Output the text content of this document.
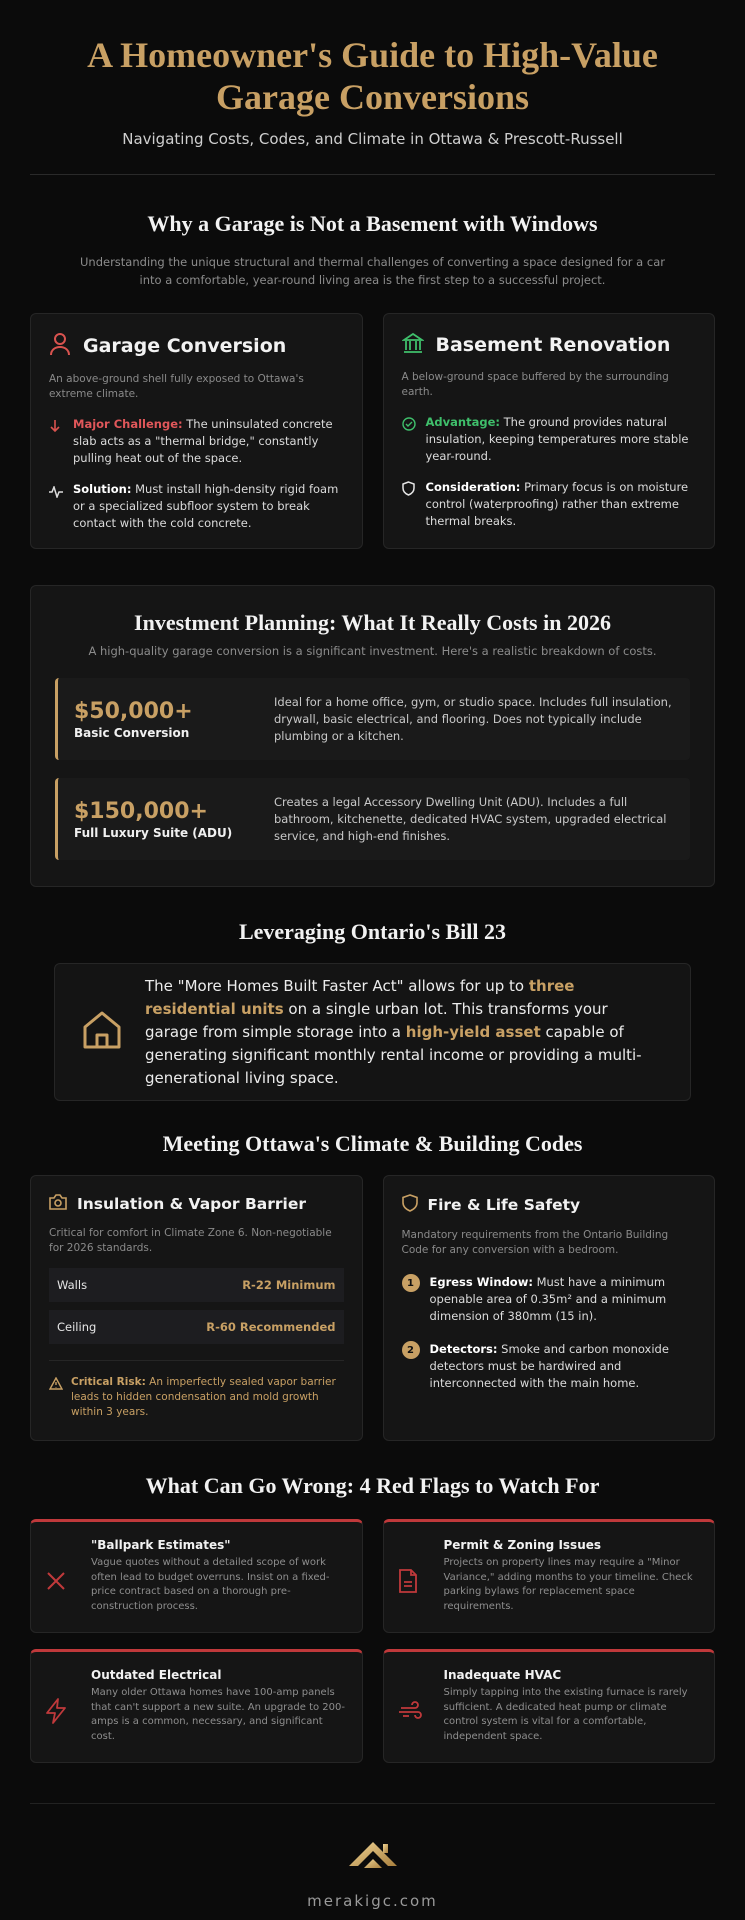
A Homeowner's Guide to High-Value Garage Conversions

Navigating Costs, Codes, and Climate in Ottawa & Prescott-Russell

Why a Garage is Not a Basement with Windows

Understanding the unique structural and thermal challenges of converting a space designed for a car into a comfortable, year-round living area is the first step to a successful project.

Garage Conversion

An above-ground shell fully exposed to Ottawa's extreme climate.

Major Challenge: The uninsulated concrete slab acts as a "thermal bridge," constantly pulling heat out of the space.

Solution: Must install high-density rigid foam or a specialized subfloor system to break contact with the cold concrete.

Basement Renovation

A below-ground space buffered by the surrounding earth.

Advantage: The ground provides natural insulation, keeping temperatures more stable year-round.

Consideration: Primary focus is on moisture control (waterproofing) rather than extreme thermal breaks.

Investment Planning: What It Really Costs in 2026

A high-quality garage conversion is a significant investment. Here's a realistic breakdown of costs.

$50,000+
Basic Conversion

Ideal for a home office, gym, or studio space. Includes full insulation, drywall, basic electrical, and flooring. Does not typically include plumbing or a kitchen.

$150,000+
Full Luxury Suite (ADU)

Creates a legal Accessory Dwelling Unit (ADU). Includes a full bathroom, kitchenette, dedicated HVAC system, upgraded electrical service, and high-end finishes.

Leveraging Ontario's Bill 23

The "More Homes Built Faster Act" allows for up to three residential units on a single urban lot. This transforms your garage from simple storage into a high-yield asset capable of generating significant monthly rental income or providing a multi-generational living space.

Meeting Ottawa's Climate & Building Codes
Insulation & Vapor Barrier

Critical for comfort in Climate Zone 6. Non-negotiable for 2026 standards.

Walls	R-22 Minimum
Ceiling	R-60 Recommended

Critical Risk: An imperfectly sealed vapor barrier leads to hidden condensation and mold growth within 3 years.

Fire & Life Safety

Mandatory requirements from the Ontario Building Code for any conversion with a bedroom.

1	Egress Window: Must have a minimum openable area of 0.35m² and a minimum dimension of 380mm (15 in).

2	Detectors: Smoke and carbon monoxide detectors must be hardwired and interconnected with the main home.

What Can Go Wrong: 4 Red Flags to Watch For
"Ballpark Estimates"

Vague quotes without a detailed scope of work often lead to budget overruns. Insist on a fixed-price contract based on a thorough pre-construction process.

Permit & Zoning Issues

Projects on property lines may require a "Minor Variance," adding months to your timeline. Check parking bylaws for replacement space requirements.

Outdated Electrical

Many older Ottawa homes have 100-amp panels that can't support a new suite. An upgrade to 200-amps is a common, necessary, and significant cost.

Inadequate HVAC

Simply tapping into the existing furnace is rarely sufficient. A dedicated heat pump or climate control system is vital for a comfortable, independent space.

merakigc.com
